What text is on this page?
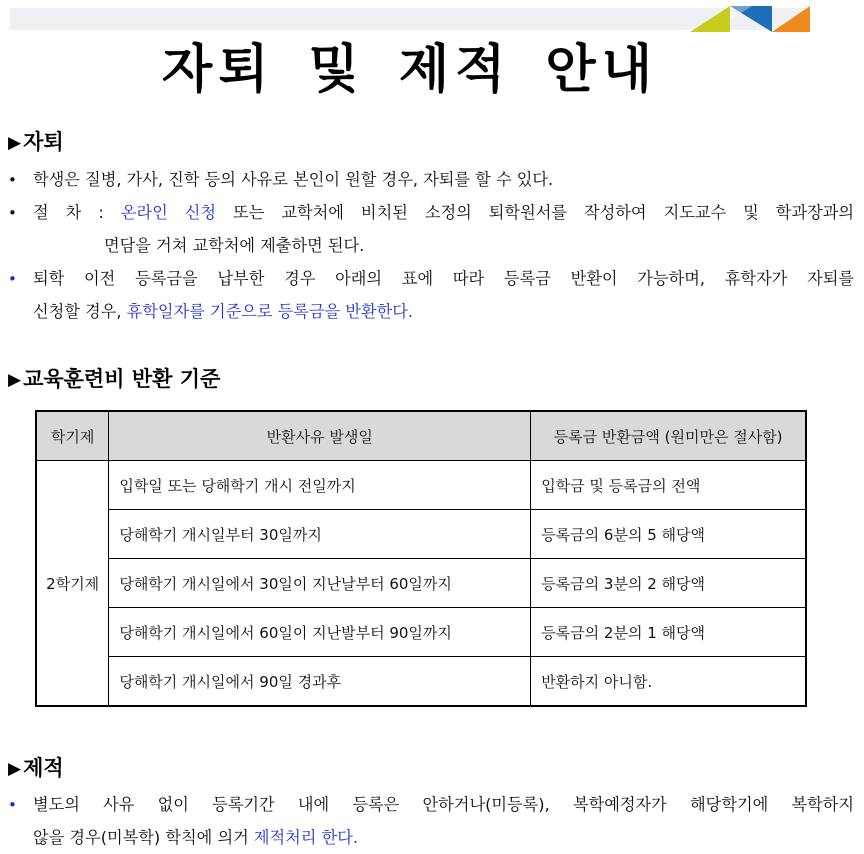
자퇴 및 제적 안내
▶자퇴
• 학생은 질병, 가사, 진학 등의 사유로 본인이 원할 경우, 자퇴를 할 수 있다.
• 절 차 : 온라인 신청 또는 교학처에 비치된 소정의 퇴학원서를 작성하여 지도교수 및 학과장과의
면담을 거쳐 교학처에 제출하면 된다.
• 퇴학 이전 등록금을 납부한 경우 아래의 표에 따라 등록금 반환이 가능하며, 휴학자가 자퇴를
신청할 경우, 휴학일자를 기준으로 등록금을 반환한다.
▶교육훈련비 반환 기준
학기제	반환사유 발생일	등록금 반환금액 (원미만은 절사함)
2학기제	입학일 또는 당해학기 개시 전일까지	입학금 및 등록금의 전액
	당해학기 개시일부터 30일까지	등록금의 6분의 5 해당액
	당해학기 개시일에서 30일이 지난날부터 60일까지	등록금의 3분의 2 해당액
	당해학기 개시일에서 60일이 지난발부터 90일까지	등록금의 2분의 1 해당액
	당해학기 개시일에서 90일 경과후	반환하지 아니함.
▶제적
• 별도의 사유 없이 등록기간 내에 등록은 안하거나(미등록), 복학예정자가 해당학기에 복학하지
않을 경우(미복학) 학칙에 의거 제적처리 한다.
